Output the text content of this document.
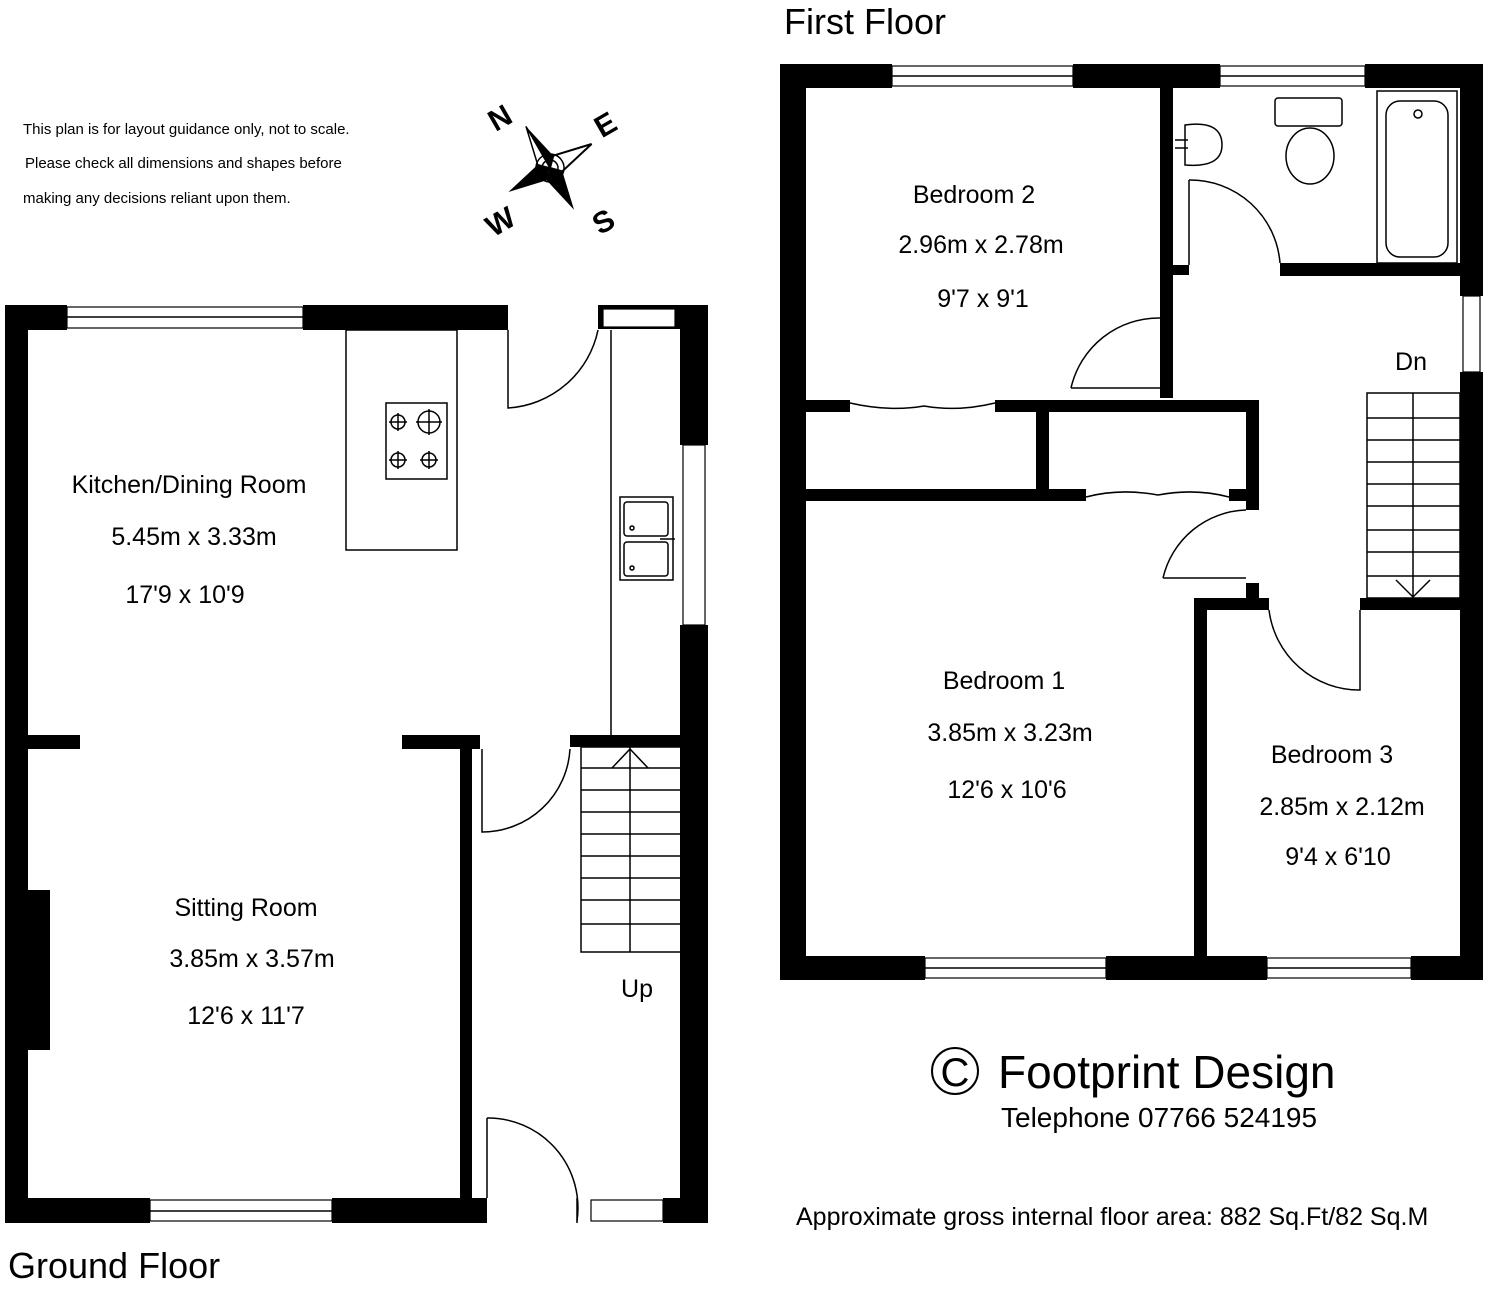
First Floor
Ground Floor
This plan is for layout guidance only, not to scale.
Please check all dimensions and shapes before
making any decisions reliant upon them.
N E
S
W
Kitchen/Dining Room
5.45m x 3.33m
17'9 x 10'9
Sitting Room
3.85m x 3.57m
12'6 x 11'7
Up
Bedroom 2
2.96m x 2.78m
9'7 x 9'1
Bedroom 1
3.85m x 3.23m
12'6 x 10'6
Bedroom 3
2.85m x 2.12m
9'4 x 6'10
Dn
C Footprint Design
Telephone 07766 524195
Approximate gross internal floor area: 882 Sq.Ft/82 Sq.M
